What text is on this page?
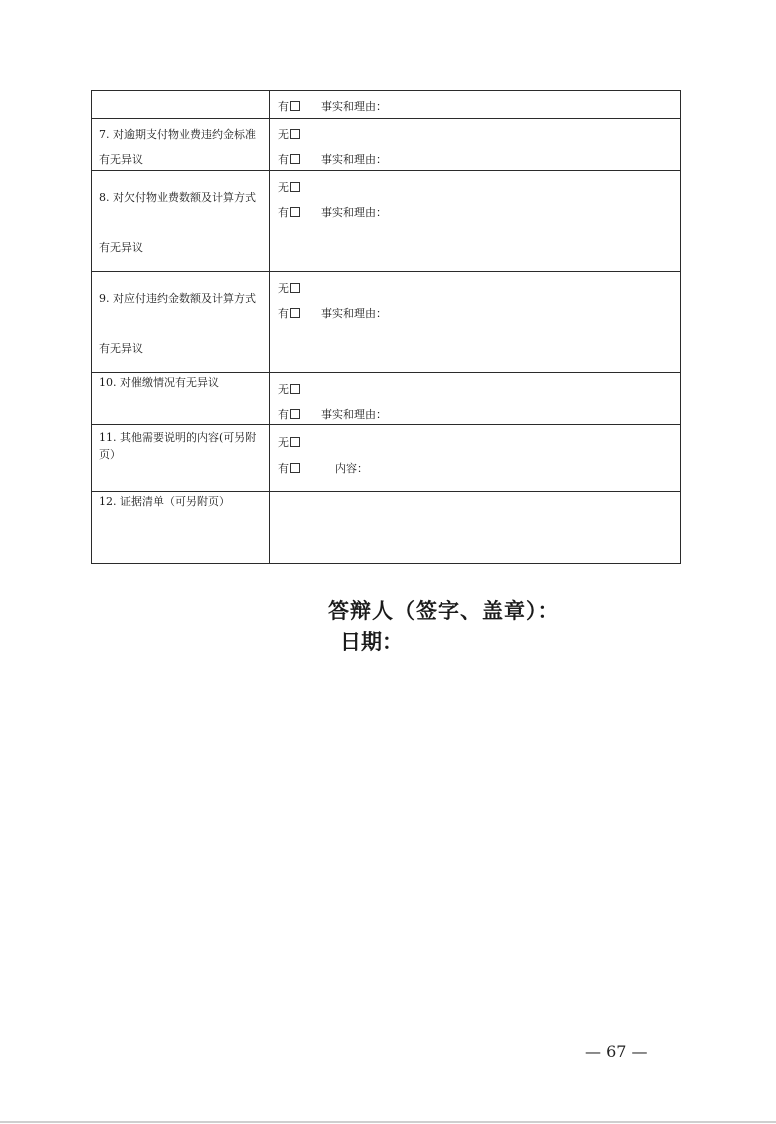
	有 事实和理由：

7. 对逾期支付物业费违约金标准
有无异议	无
有 事实和理由：

8. 对欠付物业费数额及计算方式
有无异议	无
有 事实和理由：

9. 对应付违约金数额及计算方式
有无异议	无
有 事实和理由：

10. 对催缴情况有无异议	无
有 事实和理由：

11. 其他需要说明的内容(可另附
页）	无
有 内容：

12. 证据清单（可另附页）	

答辩人（签字、盖章）：
日期：
— 67 —
